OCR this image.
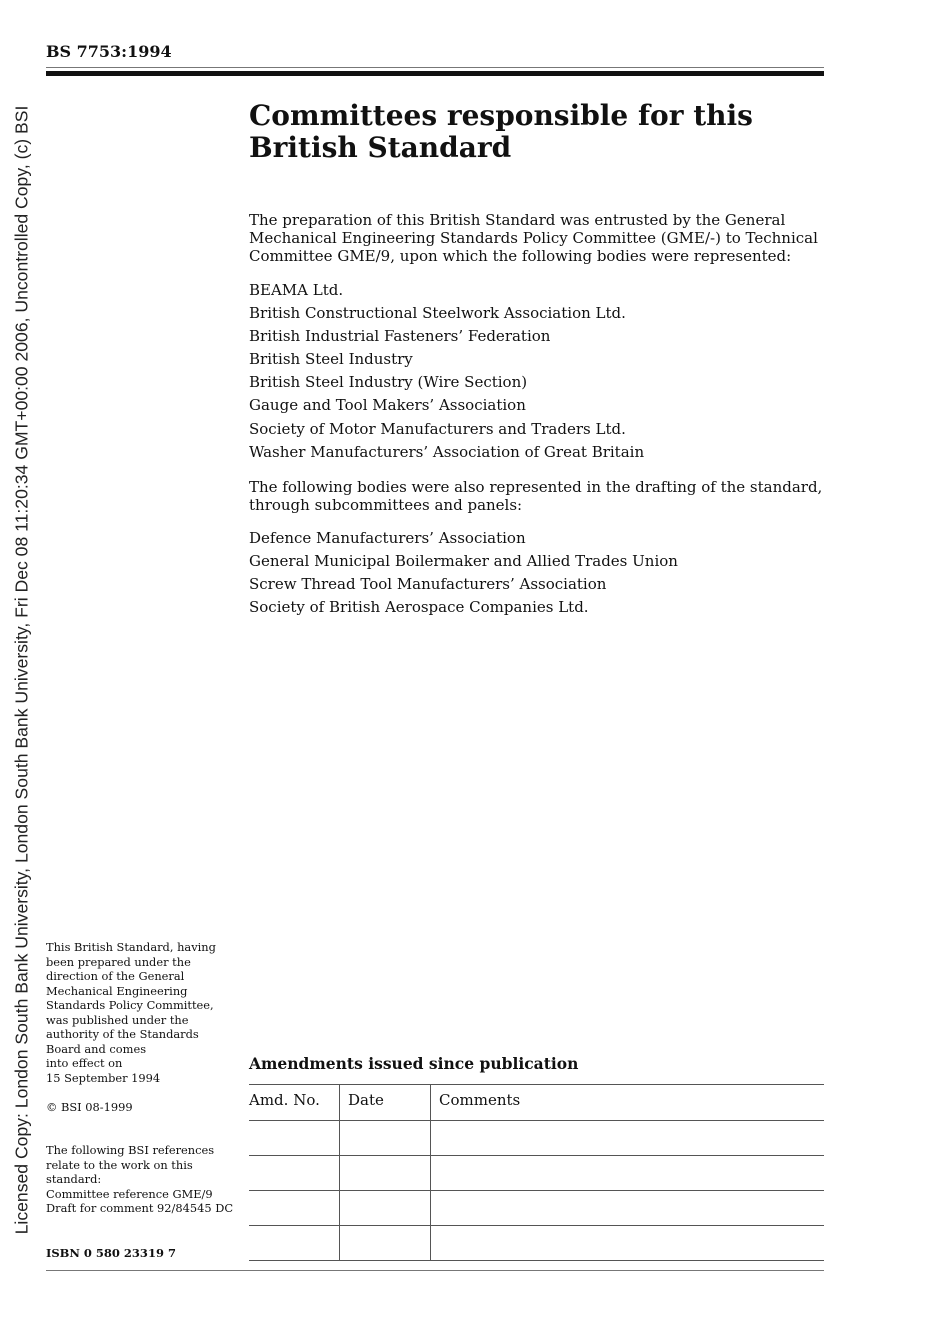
Licensed Copy: London South Bank University, London South Bank University, Fri Dec 08 11:20:34 GMT+00:00 2006, Uncontrolled Copy, (c) BSI
BS 7753:1994
Committees responsible for this British Standard

The preparation of this British Standard was entrusted by the General Mechanical Engineering Standards Policy Committee (GME/-) to Technical Committee GME/9, upon which the following bodies were represented:

BEAMA Ltd.
British Constructional Steelwork Association Ltd.
British Industrial Fasteners’ Federation
British Steel Industry
British Steel Industry (Wire Section)
Gauge and Tool Makers’ Association
Society of Motor Manufacturers and Traders Ltd.
Washer Manufacturers’ Association of Great Britain

The following bodies were also represented in the drafting of the standard, through subcommittees and panels:

Defence Manufacturers’ Association
General Municipal Boilermaker and Allied Trades Union
Screw Thread Tool Manufacturers’ Association
Society of British Aerospace Companies Ltd.
This British Standard, having
been prepared under the
direction of the General
Mechanical Engineering
Standards Policy Committee,
was published under the
authority of the Standards
Board and comes
into effect on
15 September 1994
© BSI 08-1999
The following BSI references
relate to the work on this
standard:
Committee reference GME/9
Draft for comment 92/84545 DC
ISBN 0 580 23319 7
Amendments issued since publication
Amd. No.	Date	Comments
